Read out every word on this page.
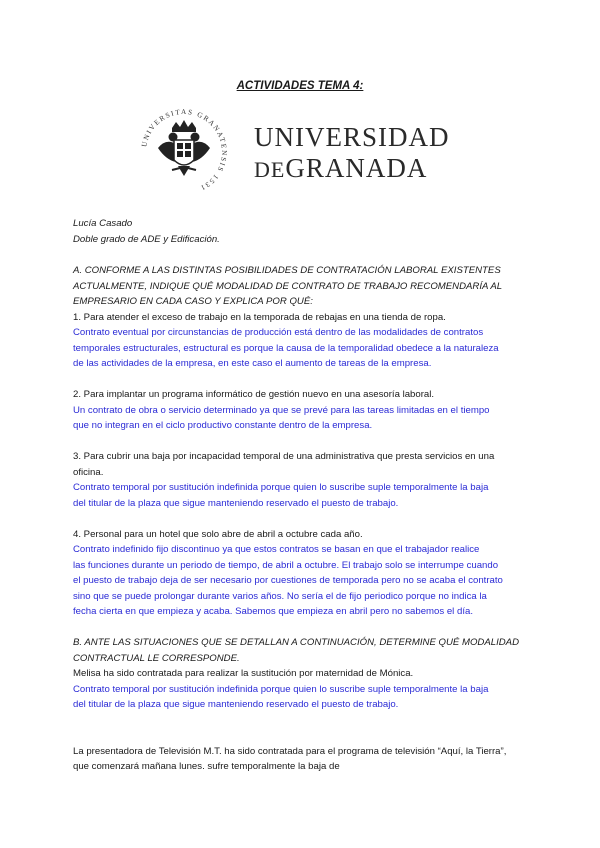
ACTIVIDADES TEMA 4:
UNIVERSITAS GRANATENSIS 1531
UNIVERSIDAD
DEGRANADA
Lucía Casado
Doble grado de ADE y Edificación.
A. CONFORME A LAS DISTINTAS POSIBILIDADES DE CONTRATACIÓN LABORAL EXISTENTES
ACTUALMENTE, INDIQUE QUÉ MODALIDAD DE CONTRATO DE TRABAJO RECOMENDARÍA AL
EMPRESARIO EN CADA CASO Y EXPLICA POR QUÉ:
1. Para atender el exceso de trabajo en la temporada de rebajas en una tienda de ropa.
Contrato eventual por circunstancias de producción está dentro de las modalidades de contratos
temporales estructurales, estructural es porque la causa de la temporalidad obedece a la naturaleza
de las actividades de la empresa, en este caso el aumento de tareas de la empresa.

2. Para implantar un programa informático de gestión nuevo en una asesoría laboral.
Un contrato de obra o servicio determinado ya que se prevé para las tareas limitadas en el tiempo
que no integran en el ciclo productivo constante dentro de la empresa.

3. Para cubrir una baja por incapacidad temporal de una administrativa que presta servicios en una
oficina.
Contrato temporal por sustitución indefinida porque quien lo suscribe suple temporalmente la baja
del titular de la plaza que sigue manteniendo reservado el puesto de trabajo.

4. Personal para un hotel que solo abre de abril a octubre cada año.
Contrato indefinido fijo discontinuo ya que estos contratos se basan en que el trabajador realice
las funciones durante un periodo de tiempo, de abril a octubre. El trabajo solo se interrumpe cuando
el puesto de trabajo deja de ser necesario por cuestiones de temporada pero no se acaba el contrato
sino que se puede prolongar durante varios años. No sería el de fijo periodico porque no indica la
fecha cierta en que empieza y acaba. Sabemos que empieza en abril pero no sabemos el día.

B. ANTE LAS SITUACIONES QUE SE DETALLAN A CONTINUACIÓN, DETERMINE QUÉ MODALIDAD
CONTRACTUAL LE CORRESPONDE.
Melisa ha sido contratada para realizar la sustitución por maternidad de Mónica.
Contrato temporal por sustitución indefinida porque quien lo suscribe suple temporalmente la baja
del titular de la plaza que sigue manteniendo reservado el puesto de trabajo.

La presentadora de Televisión M.T. ha sido contratada para el programa de televisión “Aquí, la Tierra”,
que comenzará mañana lunes. sufre temporalmente la baja de
